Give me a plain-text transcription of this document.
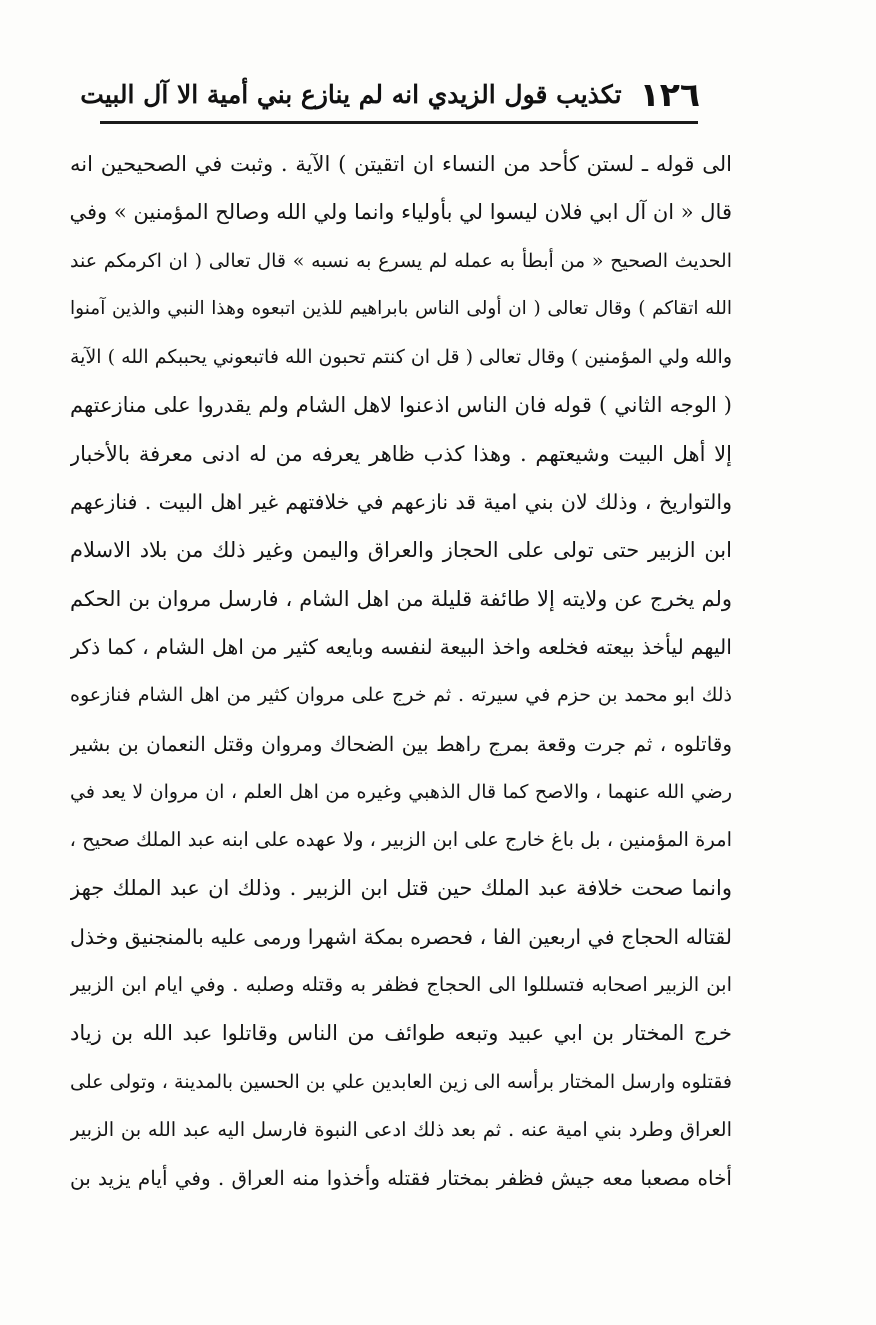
١٢٦
تكذيب قول الزيدي انه لم ينازع بني أمية الا آل البيت
الى قوله ـ لستن كأحد من النساء ان اتقيتن ) الآية . وثبت في الصحيحين انه
قال « ان آل ابي فلان ليسوا لي بأولياء وانما ولي الله وصالح المؤمنين » وفي
الحديث الصحيح « من أبطأ به عمله لم يسرع به نسبه » قال تعالى ( ان اكرمكم عند
الله اتقاكم ) وقال تعالى ( ان أولى الناس بابراهيم للذين اتبعوه وهذا النبي والذين آمنوا
والله ولي المؤمنين ) وقال تعالى ( قل ان كنتم تحبون الله فاتبعوني يحببكم الله ) الآية
( الوجه الثاني ) قوله فان الناس اذعنوا لاهل الشام ولم يقدروا على منازعتهم
إلا أهل البيت وشيعتهم . وهذا كذب ظاهر يعرفه من له ادنى معرفة بالأخبار
والتواريخ ، وذلك لان بني امية قد نازعهم في خلافتهم غير اهل البيت . فنازعهم
ابن الزبير حتى تولى على الحجاز والعراق واليمن وغير ذلك من بلاد الاسلام
ولم يخرج عن ولايته إلا طائفة قليلة من اهل الشام ، فارسل مروان بن الحكم
اليهم ليأخذ بيعته فخلعه واخذ البيعة لنفسه وبايعه كثير من اهل الشام ، كما ذكر
ذلك ابو محمد بن حزم في سيرته . ثم خرج على مروان كثير من اهل الشام فنازعوه
وقاتلوه ، ثم جرت وقعة بمرج راهط بين الضحاك ومروان وقتل النعمان بن بشير
رضي الله عنهما ، والاصح كما قال الذهبي وغيره من اهل العلم ، ان مروان لا يعد في
امرة المؤمنين ، بل باغ خارج على ابن الزبير ، ولا عهده على ابنه عبد الملك صحيح ،
وانما صحت خلافة عبد الملك حين قتل ابن الزبير . وذلك ان عبد الملك جهز
لقتاله الحجاج في اربعين الفا ، فحصره بمكة اشهرا ورمى عليه بالمنجنيق وخذل
ابن الزبير اصحابه فتسللوا الى الحجاج فظفر به وقتله وصلبه . وفي ايام ابن الزبير
خرج المختار بن ابي عبيد وتبعه طوائف من الناس وقاتلوا عبد الله بن زياد
فقتلوه وارسل المختار برأسه الى زين العابدين علي بن الحسين بالمدينة ، وتولى على
العراق وطرد بني امية عنه . ثم بعد ذلك ادعى النبوة فارسل اليه عبد الله بن الزبير
أخاه مصعبا معه جيش فظفر بمختار فقتله وأخذوا منه العراق . وفي أيام يزيد بن
